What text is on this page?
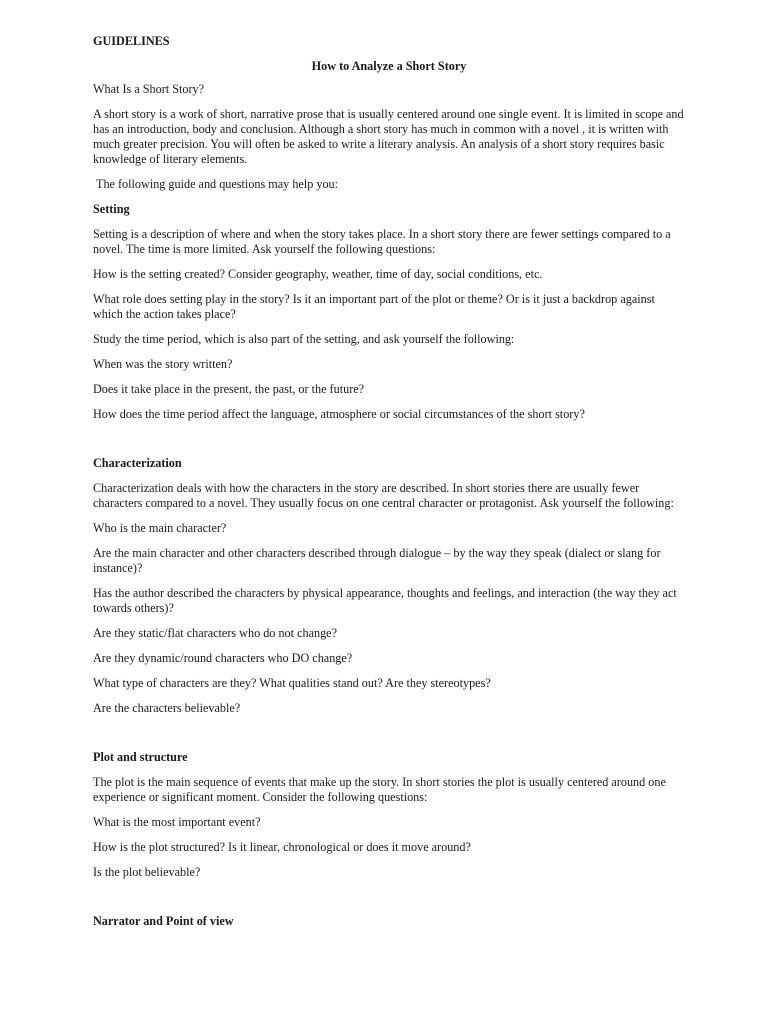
GUIDELINES

How to Analyze a Short Story

What Is a Short Story?

A short story is a work of short, narrative prose that is usually centered around one single event. It is limited in scope and has an introduction, body and conclusion. Although a short story has much in common with a novel , it is written with much greater precision. You will often be asked to write a literary analysis. An analysis of a short story requires basic knowledge of literary elements.

The following guide and questions may help you:

Setting

Setting is a description of where and when the story takes place. In a short story there are fewer settings compared to a novel. The time is more limited. Ask yourself the following questions:

How is the setting created? Consider geography, weather, time of day, social conditions, etc.

What role does setting play in the story? Is it an important part of the plot or theme? Or is it just a backdrop against which the action takes place?

Study the time period, which is also part of the setting, and ask yourself the following:

When was the story written?

Does it take place in the present, the past, or the future?

How does the time period affect the language, atmosphere or social circumstances of the short story?

Characterization

Characterization deals with how the characters in the story are described. In short stories there are usually fewer characters compared to a novel. They usually focus on one central character or protagonist. Ask yourself the following:

Who is the main character?

Are the main character and other characters described through dialogue – by the way they speak (dialect or slang for instance)?

Has the author described the characters by physical appearance, thoughts and feelings, and interaction (the way they act towards others)?

Are they static/flat characters who do not change?

Are they dynamic/round characters who DO change?

What type of characters are they? What qualities stand out? Are they stereotypes?

Are the characters believable?

Plot and structure

The plot is the main sequence of events that make up the story. In short stories the plot is usually centered around one experience or significant moment. Consider the following questions:

What is the most important event?

How is the plot structured? Is it linear, chronological or does it move around?

Is the plot believable?

Narrator and Point of view
